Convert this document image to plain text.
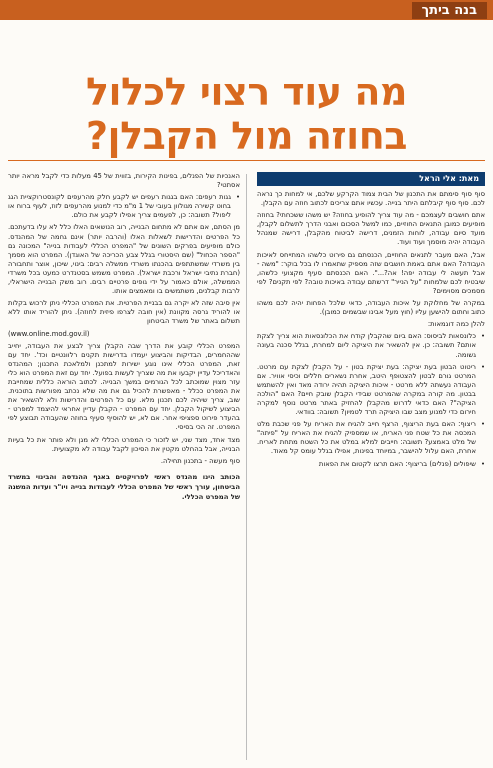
בנה ביתך
מה עוד רצוי לכלול
בחוזה מול הקבלן?
מאת: אלי הראל

סוף סוף סימתם את התכנון של הבית צמוד הקרקע שלכם, אי למחות כך נראה לכם. סוף סוף קיבלתם היתר בנייה. עכשיו אתם צריכים לכתוב חוזה עם הקבלן.

אתם חושבים לעצמכם - מה עוד צריך להופיע בחוזה? יש משהו ששכחתי? בחוזה מופיעים כמובן התנאים החוזיים, כמו למשל הסכום ואבני הדרך לתשלום לקבלן, מועד סיום עבודה, לוחות הזמנים, דרישה לביטוח מהקבלן, דרישה שמנהל העבודה יהיה מוסמך ועוד ועוד.

אבל, האם מעבר לתנאים החוזיים, הכנסתם גם פירוט כלשהו המתייחס לאיכות העבודה? האם אתם באמת חושבים שזה מספיק שתאמרו לו בכל בוקר: "משה - אבל תעשה לי עבודה יפה! אה?...". האם הכנסתם סעיף מקצועי כלשהו, שיבטיח לכם שלמחות "על הנייר" דרשתם עבודה באיכות טובה? לפי תקנים? לפי מסמכים מסוימים?

במקרה של מחלוקת על איכות העבודה, כדאי שלכל הפחות יהיה לכם משהו כתוב וחתום להישען עליו (חוץ מעל אבינו שבשמים כמובן).

להלן כמה דוגמאות:

• כלונסאות לביסוס: האם ביום שהקבלן קודח את הכלונסאות הוא צריך לצקת אותם? תשובה: כן. אין להשאיר את היציקה ליום למחרת, בגלל סכנה בעונה גשומה.
• ריטוט הבטון בעת יציקה: בעת יציקת בטון - על הקבלן לצקת עם מרטט. המרטט גורם לבטון להצטופף היטב, אחרת נשארים חללים וכיסי אוויר. אם העבודה נעשתה ללא מרטט - איכות היציקה תהיה ירודה מאד ואין להשתמש בבטון. מה קורה במקרה שהמרטט שבידי הקבלן שובק חיים? האם "הולכה הציקה"? האם כדאי לדרוש מהקבלן להחזיק באתר מרטט נוסף למקרה חירום כדי למנוע מצב שבו היציקה תרד לטמיון? תשובה: בוודאי.
• ריצוף: האם בעת הריצוף, הרצף חייב להגיח את האריח על פני שכבת מלט המכסה את כל שטח פני האריח, או שמספיק להגיח את האריח על "פיתה" של מלט באמצע? תשובה: חייבים למלא במלט את כל השטח מתחת לאריח. אחרת, האם עלול להישבר, במיוחד בפינות, אפילו בגלל עומס קל מאוד.
• שיפולים (פנלים) בריצוף: האם תרצו לקטום את הפאות

האנכיות של הפנלים, בפינות הקירות, בזווית של 45 מעלות כדי לקבל מראה יותר אסתטי?

• גגות רעפים: האם בגגות רעפים יש לקבע חלק מהרעפים לקונסטרוקציית הגג בחוט קשירה מגולוון בעובי של 1 מ"מ כדי למנוע מהרעפים לזוז, לעוף ברוח או ליפול? תשובה: כן, לפעמים צריך אפילו לקבע את כולם.

מן הסתם, אם אתם לא מתחום הבנייה, רוב הנושאים האלו כלל לא עלו בדעתכם. כל הפרטים והדרישות לשאלות האלו (והרבה יותר) אינם גחמה של המהנדס. כולם מופיעים בפרקים השונים של "המפרט הכללי לעבודות בנייה" המכונה גם "הספר הכחול" (שם היסטורי בגלל צבע הכריכה של האוגדן). המפרט הוא מסמך בין משרדי שמשתתפים בהכנתו משרדי ממשלה רבים: בינוי, שיכון, אוצר ותחבורה (חברת נתיבי ישראל ורכבת ישראל). המפרט משמש בסטנדרט כמעט בכל משרדי הממשלה, אולם כאמור על ידי גופים פרטיים רבים. רוב משק הבנייה הישראלי, לרבות קבלנים, משתמשים בו ומאמצים אותו.

אין סיבה שזה לא יקרה גם בבניית הפרטית. את המפרט הכללי ניתן לרכוש בקלות או להוריד גרסה מקוונת (אין חובה לצרפו פיזית לחוזה). ניתן להוריד אותו ללא תשלום באתר של משרד הביטחון

(www.online.mod.gov.il)

המפרט הכללי קובע את הדרך שבה הקבלן צריך לבצע את העבודה, יחייב שההחמרים, הבדיקות והביצוע יעמדו בדרישות תקנים רלוונטיים וכד'. יחד עם זאת, המפרט הכללי אינו נוגע ישירות למתכנן ולמלאכת התכנון; המהנדס והאדריכל עדיין יקבעו את מה שצריך לעשות בפועל. יחד עם זאת המפרט הוא כלי עזר מצוין שמוכתב לכל הגורמים במשך הבנייה. לכתוב הוראה כללית שמחייבת את המפרט ככלל - מאפשרת להכיל גם את מה שלא נכתב מפורשות בתוכנית. שוב, צריך שיהיה לכם תכנון מלא. עם כל הפרטים והדרישות ולא להשאיר את הביצוע לשיקול הקבלן. יחד עם המפרט - הקבלן עדיין אחראי להיצמד למפרט - בהעדר פירוט ספציפי אחר. אם לא, יש להוסיף סעיף בחוזה שהעבודה תבוצע לפי המפרט. זה הכי בסיסי.

מצד אחד, מצד שני, יש לזכור כי המפרט הכללי לא מגן ולא פותר את כל בעיות הבנייה, אבל בהחלט מקטין את הסיכון לקבל עבודה לא מקצועית.

סוף מעשה - בתכנון תחילה.

הכותב הינו מהנדס ראשי לפרויקטים באגף ההנדסה והבינוי במשרד הביטחון, עורך ראשי של המפרט הכללי לעבודות בנייה ויו"ר ועדות המשנה של המפרט הכללי.
